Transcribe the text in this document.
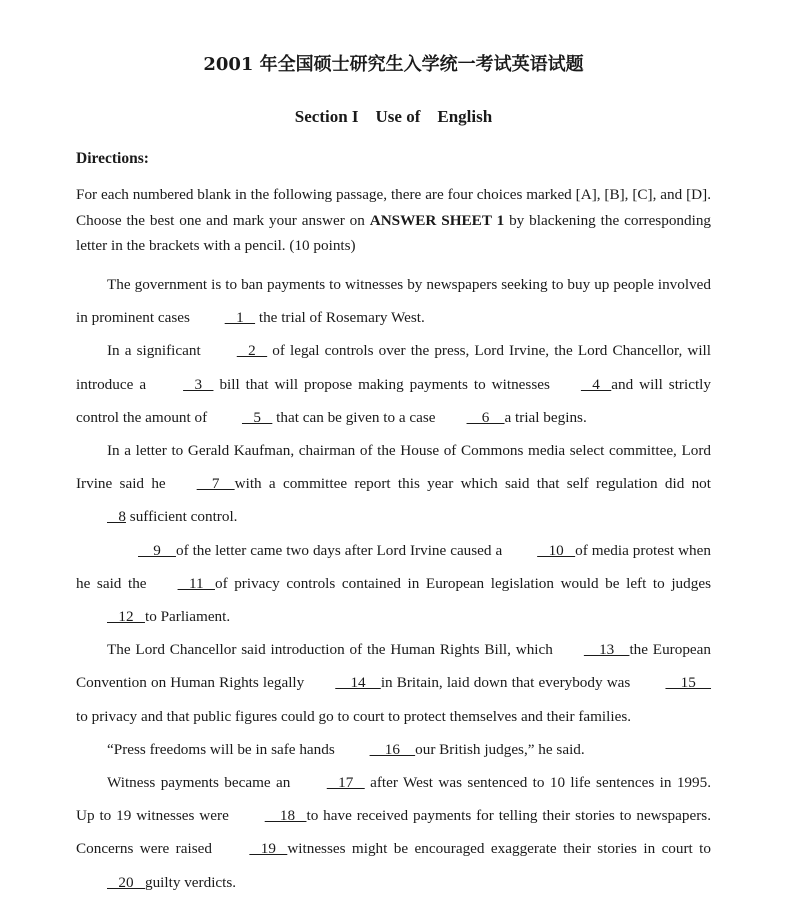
2001 年全国硕士研究生入学统一考试英语试题
Section I    Use of    English
Directions:
For each numbered blank in the following passage, there are four choices marked [A], [B], [C], and [D]. Choose the best one and mark your answer on ANSWER SHEET 1 by blackening the corresponding letter in the brackets with a pencil. (10 points)

The government is to ban payments to witnesses by newspapers seeking to buy up people involved in prominent cases    1    the trial of Rosemary West.

In a significant    2    of legal controls over the press, Lord Irvine, the Lord Chancellor, will introduce a    3    bill that will propose making payments to witnesses   4   and will strictly control the amount of    5    that can be given to a case    6    a trial begins.

In a letter to Gerald Kaufman, chairman of the House of Commons media select committee, Lord Irvine said he    7    with a committee report this year which said that self regulation did not   8 sufficient control.

9    of the letter came two days after Lord Irvine caused a    10   of media protest when he said the   11   of privacy controls contained in European legislation would be left to judges    12   to Parliament.

The Lord Chancellor said introduction of the Human Rights Bill, which    13    the European Convention on Human Rights legally    14    in Britain, laid down that everybody was     15     to privacy and that public figures could go to court to protect themselves and their families.

“Press freedoms will be in safe hands     16    our British judges,” he said.

Witness payments became an    17    after West was sentenced to 10 life sentences in 1995. Up to 19 witnesses were     18   to have received payments for telling their stories to newspapers. Concerns were raised    19   witnesses might be encouraged exaggerate their stories in court to    20   guilty verdicts.
